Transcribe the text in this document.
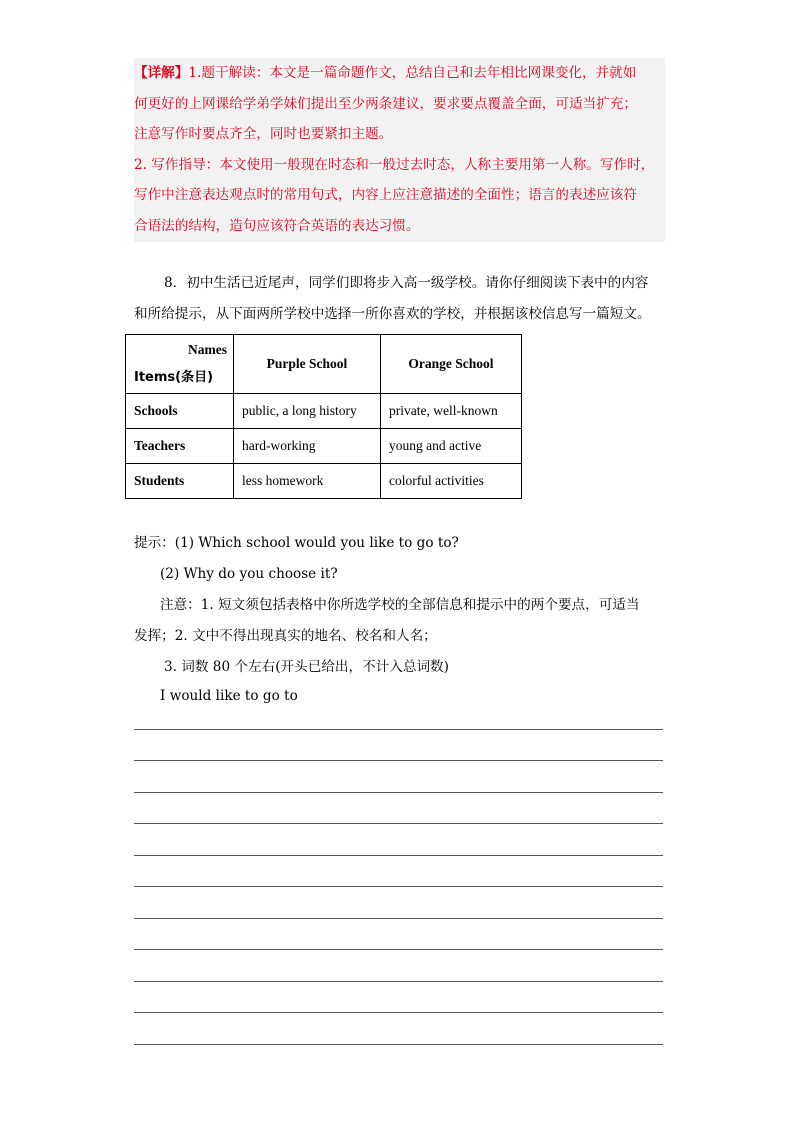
【详解】1.题干解读：本文是一篇命题作文，总结自己和去年相比网课变化，并就如

何更好的上网课给学弟学妹们提出至少两条建议，要求要点覆盖全面，可适当扩充；

注意写作时要点齐全，同时也要紧扣主题。

2. 写作指导：本文使用一般现在时态和一般过去时态，人称主要用第一人称。写作时，

写作中注意表达观点时的常用句式，内容上应注意描述的全面性；语言的表述应该符

合语法的结构，造句应该符合英语的表达习惯。

8．初中生活已近尾声，同学们即将步入高一级学校。请你仔细阅读下表中的内容
和所给提示，从下面两所学校中选择一所你喜欢的学校，并根据该校信息写一篇短文。
Names
Items(条目)	Purple School	Orange School
Schools	public, a long history	private, well-known
Teachers	hard-working	young and active
Students	less homework	colorful activities
提示：(1) Which school would you like to go to?
(2) Why do you choose it?
注意：1. 短文须包括表格中你所选学校的全部信息和提示中的两个要点，可适当
发挥；2. 文中不得出现真实的地名、校名和人名；
3. 词数 80 个左右(开头已给出，不计入总词数)
I would like to go to
